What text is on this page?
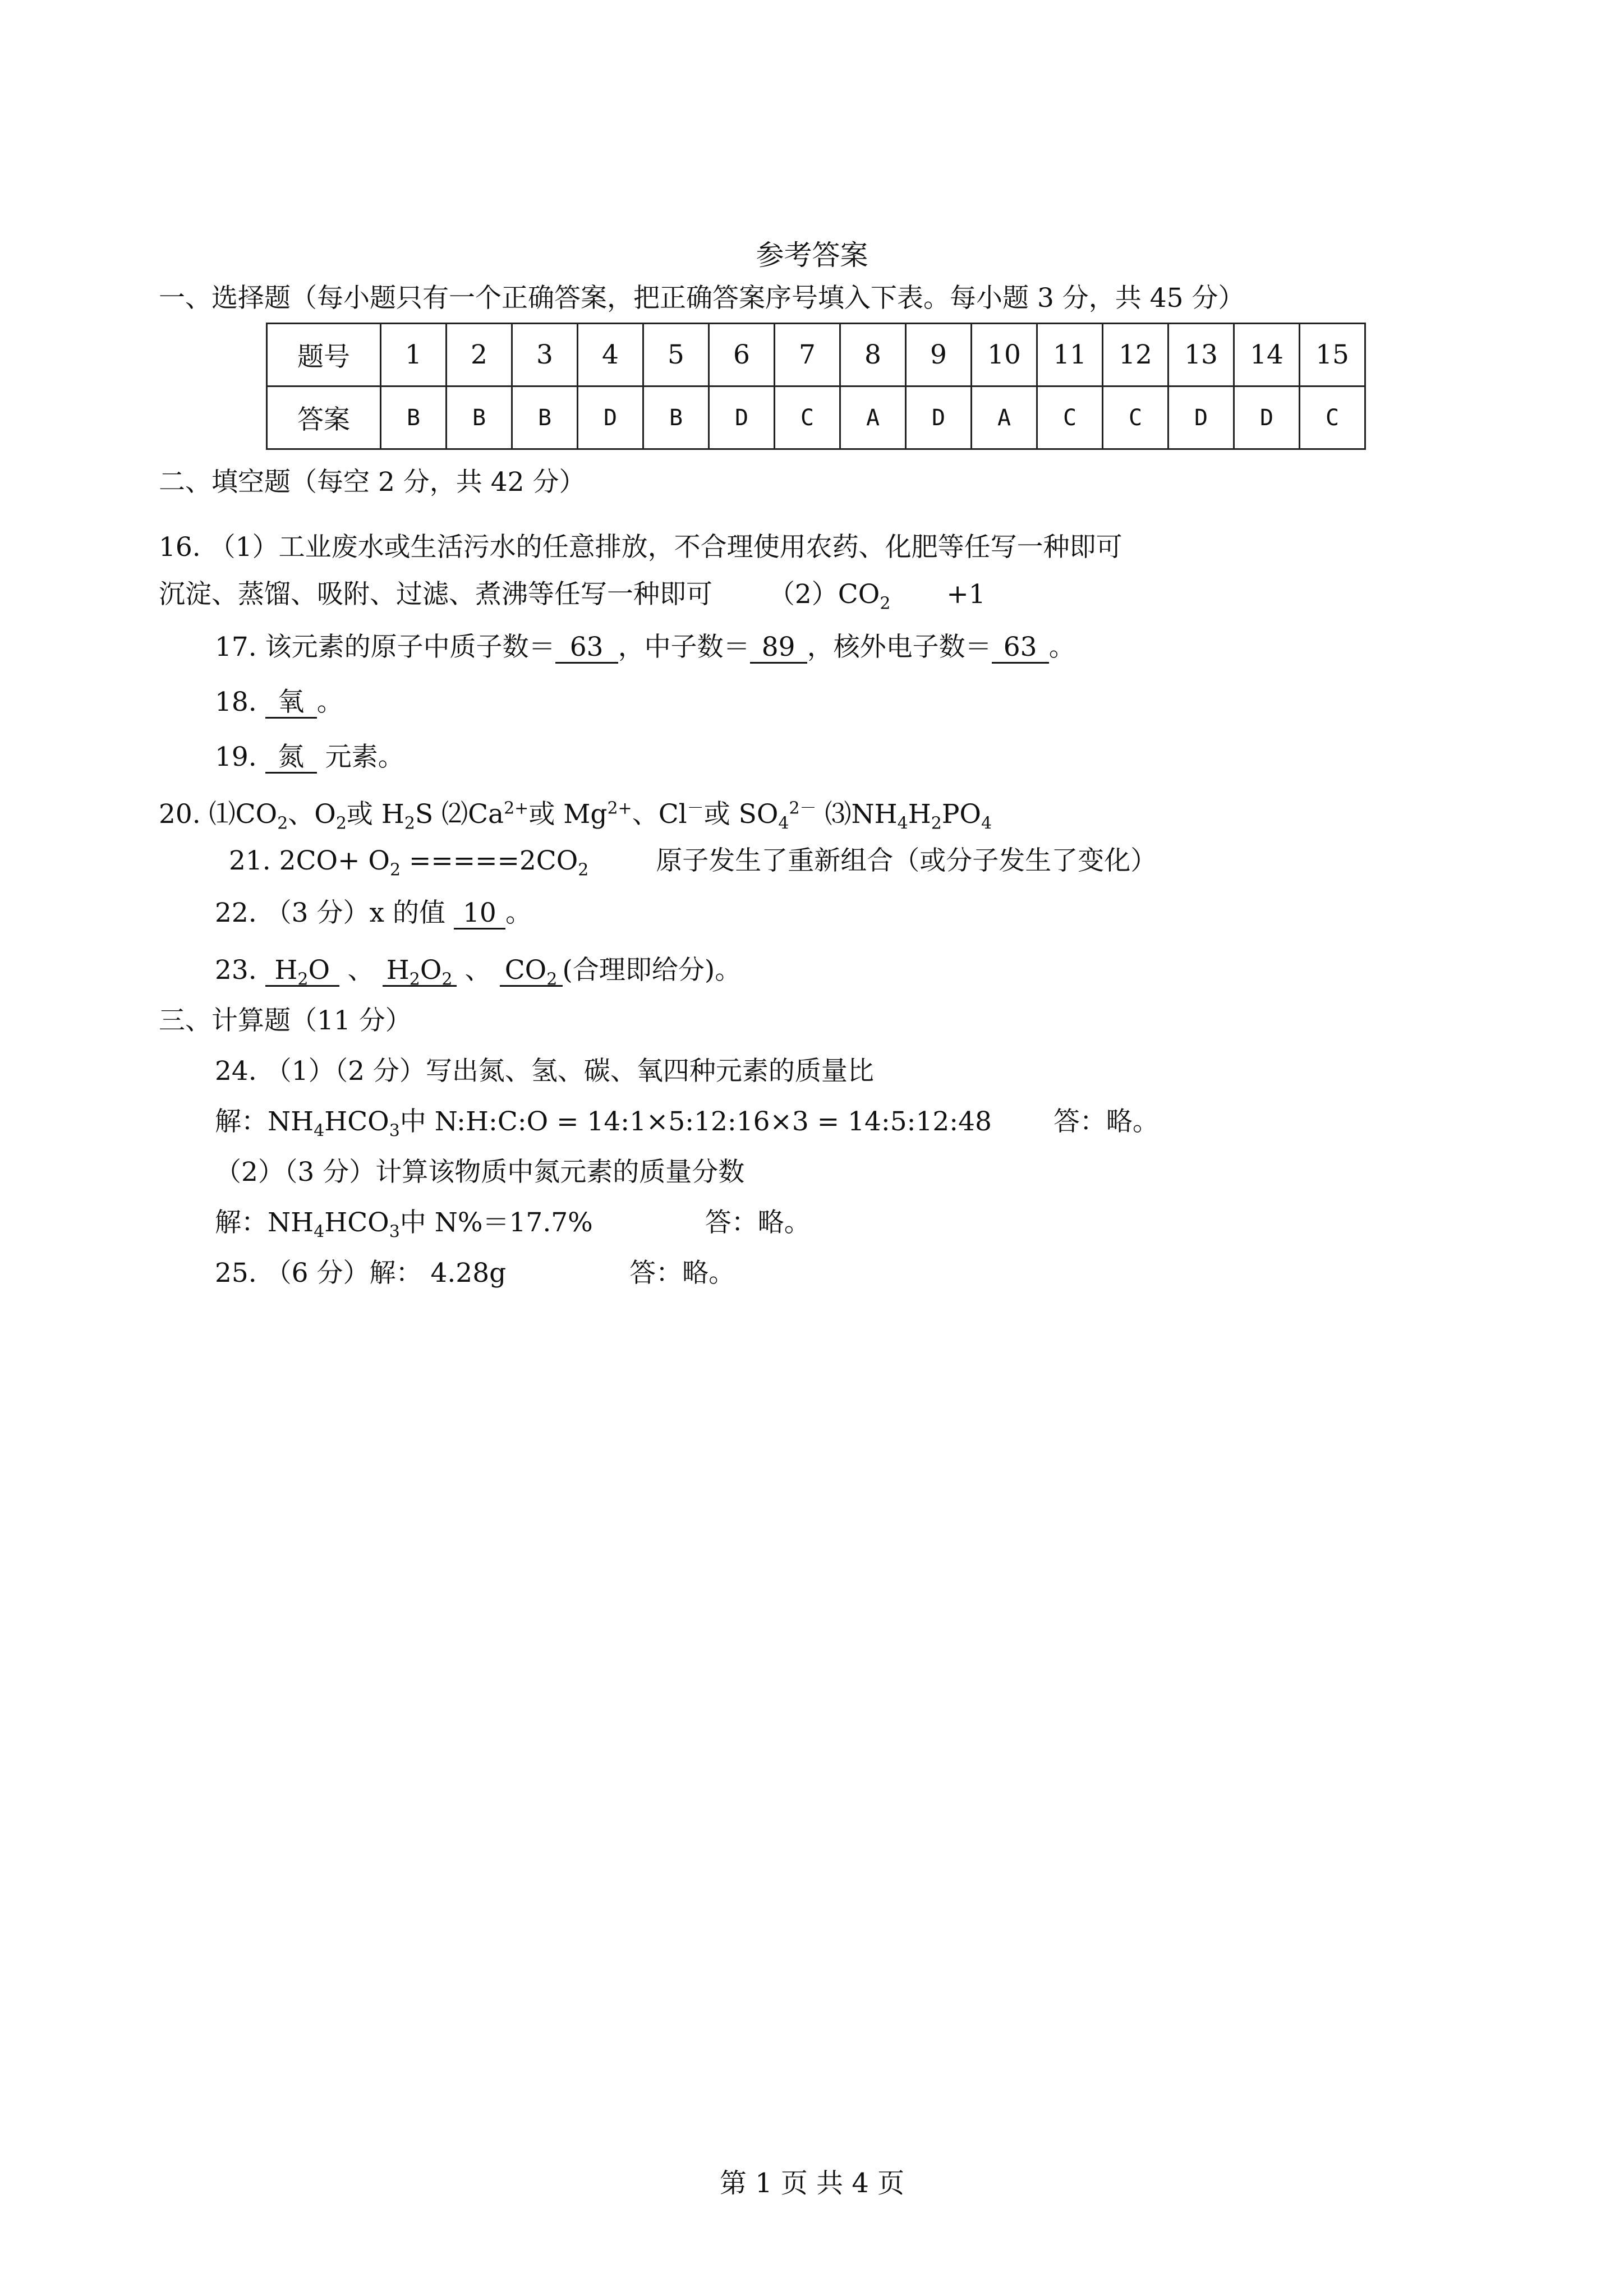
参考答案
一、选择题（每小题只有一个正确答案，把正确答案序号填入下表。每小题 3 分，共 45 分）
题号	1	2	3	4	5	6	7	8	9	10	11	12	13	14	15
答案	B	B	B	D	B	D	C	A	D	A	C	C	D	D	C
二、填空题（每空 2 分，共 42 分）
16. （1）工业废水或生活污水的任意排放，不合理使用农药、化肥等任写一种即可
沉淀、蒸馏、吸附、过滤、煮沸等任写一种即可 $(2)CO_2 +1$
17. 该元素的原子中质子数＝ 63 ，中子数＝ 89 ，核外电子数＝ 63 。
18. 氧 。
19. 氮 元素。
20. $⑴CO_2$、$O_2$或 $H_2S$ $⑵Ca^{2+}$或 $Mg^{2+}$、Cl－或 $SO_4^{2-}$ $⑶NH_4H_2PO_4$
21. $2CO+ O_2 =====2CO_2$	原子发生了重新组合（或分子发生了变化）
22. （3 分）x 的值 10 。
23. $H_2O$ 、 $H_2O_2$ 、 $CO_2$ (合理即给分)。
三、计算题（11 分）
24. （1）（2 分）写出氮、氢、碳、氧四种元素的质量比
解：$NH_4HCO_3$中 N:H:C:O = 14:1×5:12:16×3 = 14:5:12:48 答：略。
（2）（3 分）计算该物质中氮元素的质量分数
解：$NH_4HCO_3$中 N%＝17.7%	答：略。
25. （6 分）解： 4.28g	答：略。
第 1 页 共 4 页
